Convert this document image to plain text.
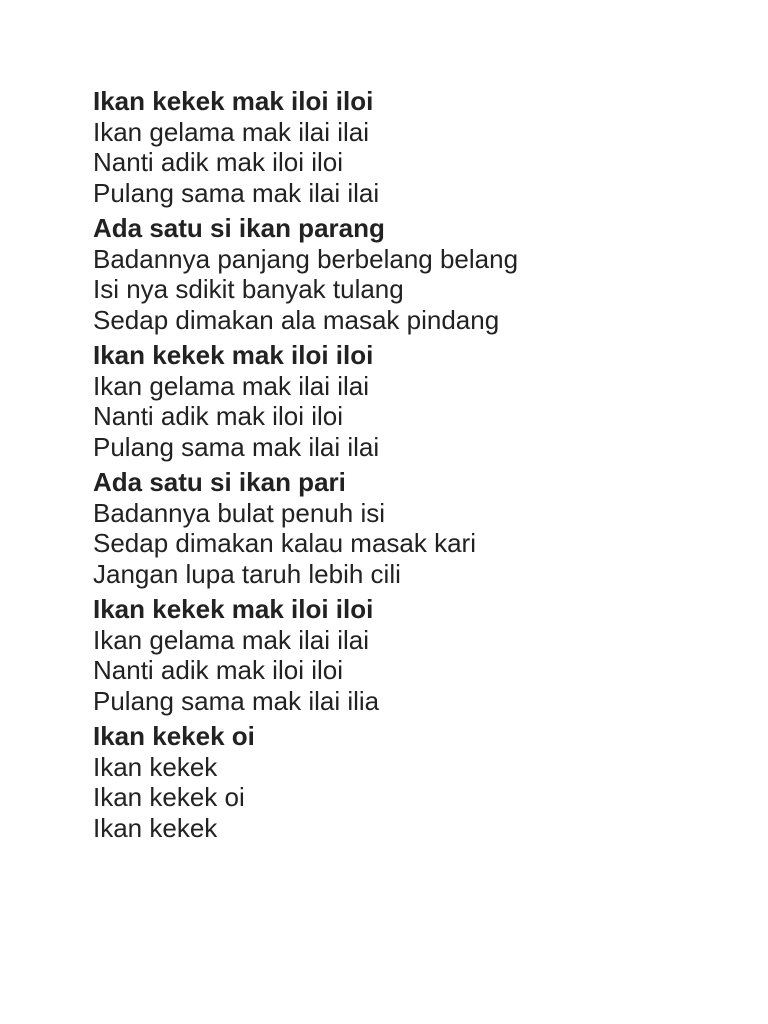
Ikan kekek mak iloi iloi
Ikan gelama mak ilai ilai
Nanti adik mak iloi iloi
Pulang sama mak ilai ilai
Ada satu si ikan parang
Badannya panjang berbelang belang
Isi nya sdikit banyak tulang
Sedap dimakan ala masak pindang
Ikan kekek mak iloi iloi
Ikan gelama mak ilai ilai
Nanti adik mak iloi iloi
Pulang sama mak ilai ilai
Ada satu si ikan pari
Badannya bulat penuh isi
Sedap dimakan kalau masak kari
Jangan lupa taruh lebih cili
Ikan kekek mak iloi iloi
Ikan gelama mak ilai ilai
Nanti adik mak iloi iloi
Pulang sama mak ilai ilia
Ikan kekek oi
Ikan kekek
Ikan kekek oi
Ikan kekek
